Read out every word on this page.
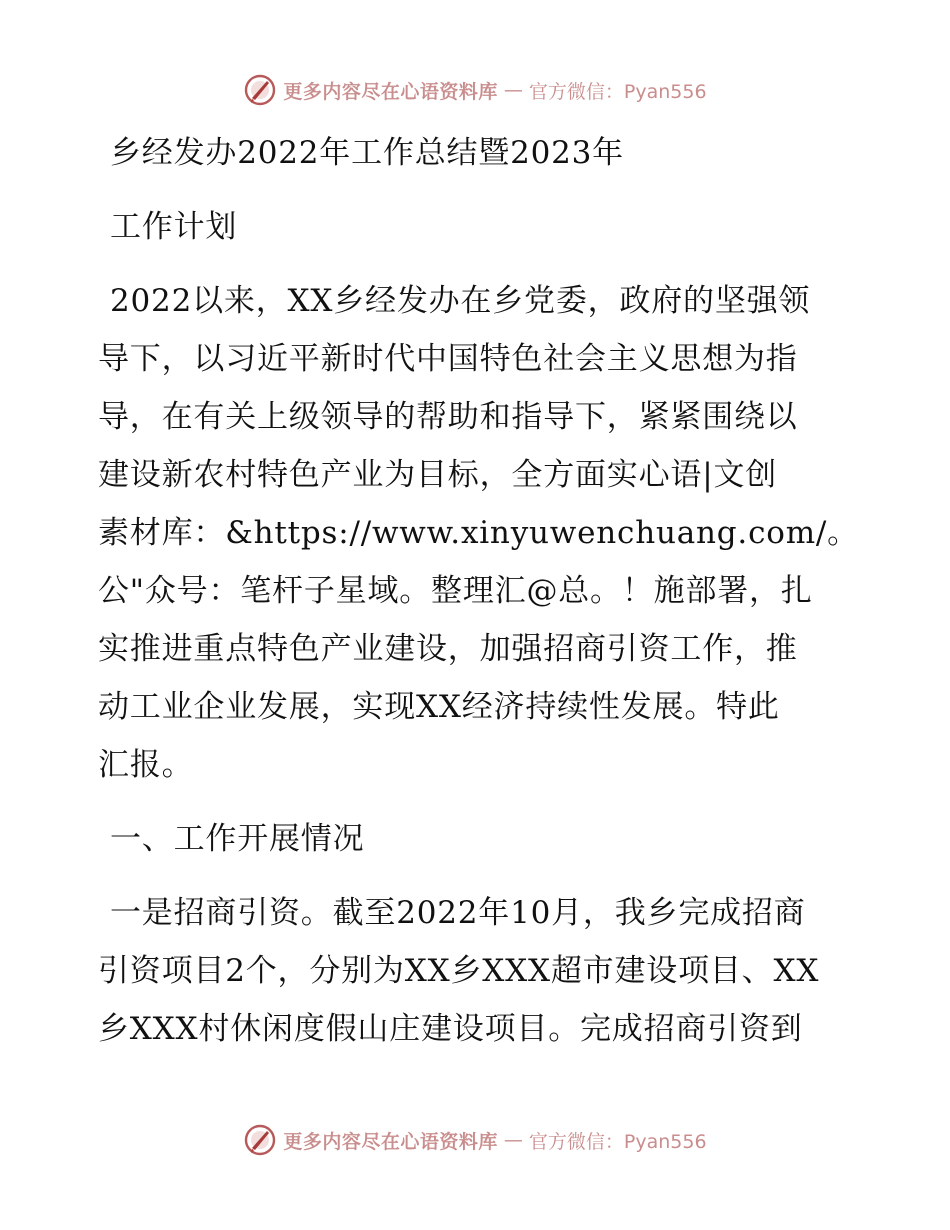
更多内容尽在心语资料库 — 官方微信：Pyan556
乡经发办2022年工作总结暨2023年
工作计划
2022以来，XX乡经发办在乡党委，政府的坚强领
导下，以习近平新时代中国特色社会主义思想为指
导，在有关上级领导的帮助和指导下，紧紧围绕以
建设新农村特色产业为目标，全方面实心语|文创
素材库：&https://www.xinyuwenchuang.com/。
公"众号：笔杆子星域。整理汇@总。！施部署，扎
实推进重点特色产业建设，加强招商引资工作，推
动工业企业发展，实现XX经济持续性发展。特此
汇报。
一、工作开展情况
一是招商引资。截至2022年10月，我乡完成招商
引资项目2个，分别为XX乡XXX超市建设项目、XX
乡XXX村休闲度假山庄建设项目。完成招商引资到
更多内容尽在心语资料库 — 官方微信：Pyan556
